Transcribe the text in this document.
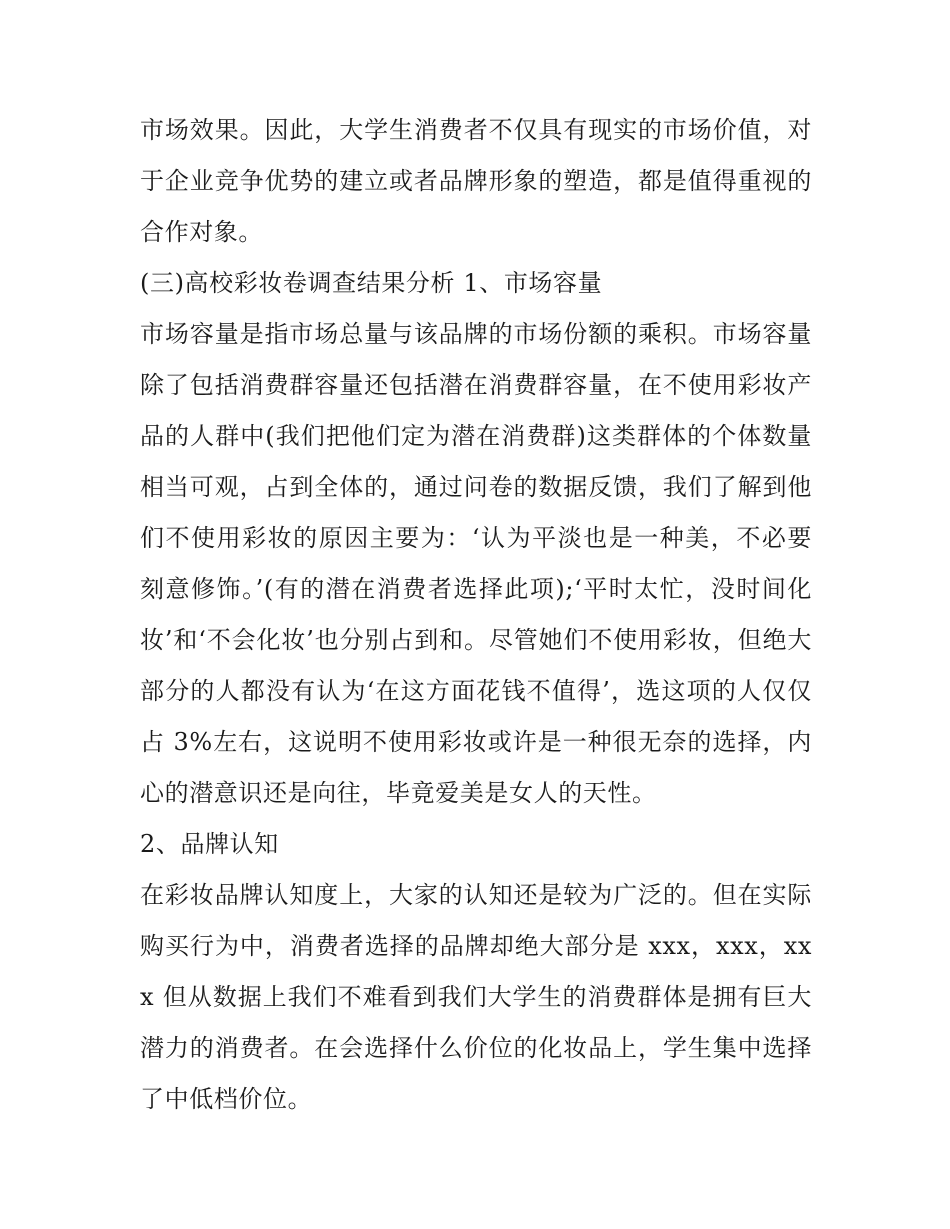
市场效果。因此，大学生消费者不仅具有现实的市场价值，对于企业竞争优势的建立或者品牌形象的塑造，都是值得重视的合作对象。

(三)高校彩妆卷调查结果分析 1、市场容量

市场容量是指市场总量与该品牌的市场份额的乘积。市场容量除了包括消费群容量还包括潜在消费群容量，在不使用彩妆产品的人群中(我们把他们定为潜在消费群)这类群体的个体数量相当可观，占到全体的，通过问卷的数据反馈，我们了解到他们不使用彩妆的原因主要为：‘认为平淡也是一种美，不必要刻意修饰。’(有的潜在消费者选择此项);‘平时太忙，没时间化妆’和‘不会化妆’也分别占到和。尽管她们不使用彩妆，但绝大部分的人都没有认为‘在这方面花钱不值得’，选这项的人仅仅占 3%左右，这说明不使用彩妆或许是一种很无奈的选择，内心的潜意识还是向往，毕竟爱美是女人的天性。

2、品牌认知

在彩妆品牌认知度上，大家的认知还是较为广泛的。但在实际购买行为中，消费者选择的品牌却绝大部分是 xxx，xxx，xxx 但从数据上我们不难看到我们大学生的消费群体是拥有巨大潜力的消费者。在会选择什么价位的化妆品上，学生集中选择了中低档价位。
